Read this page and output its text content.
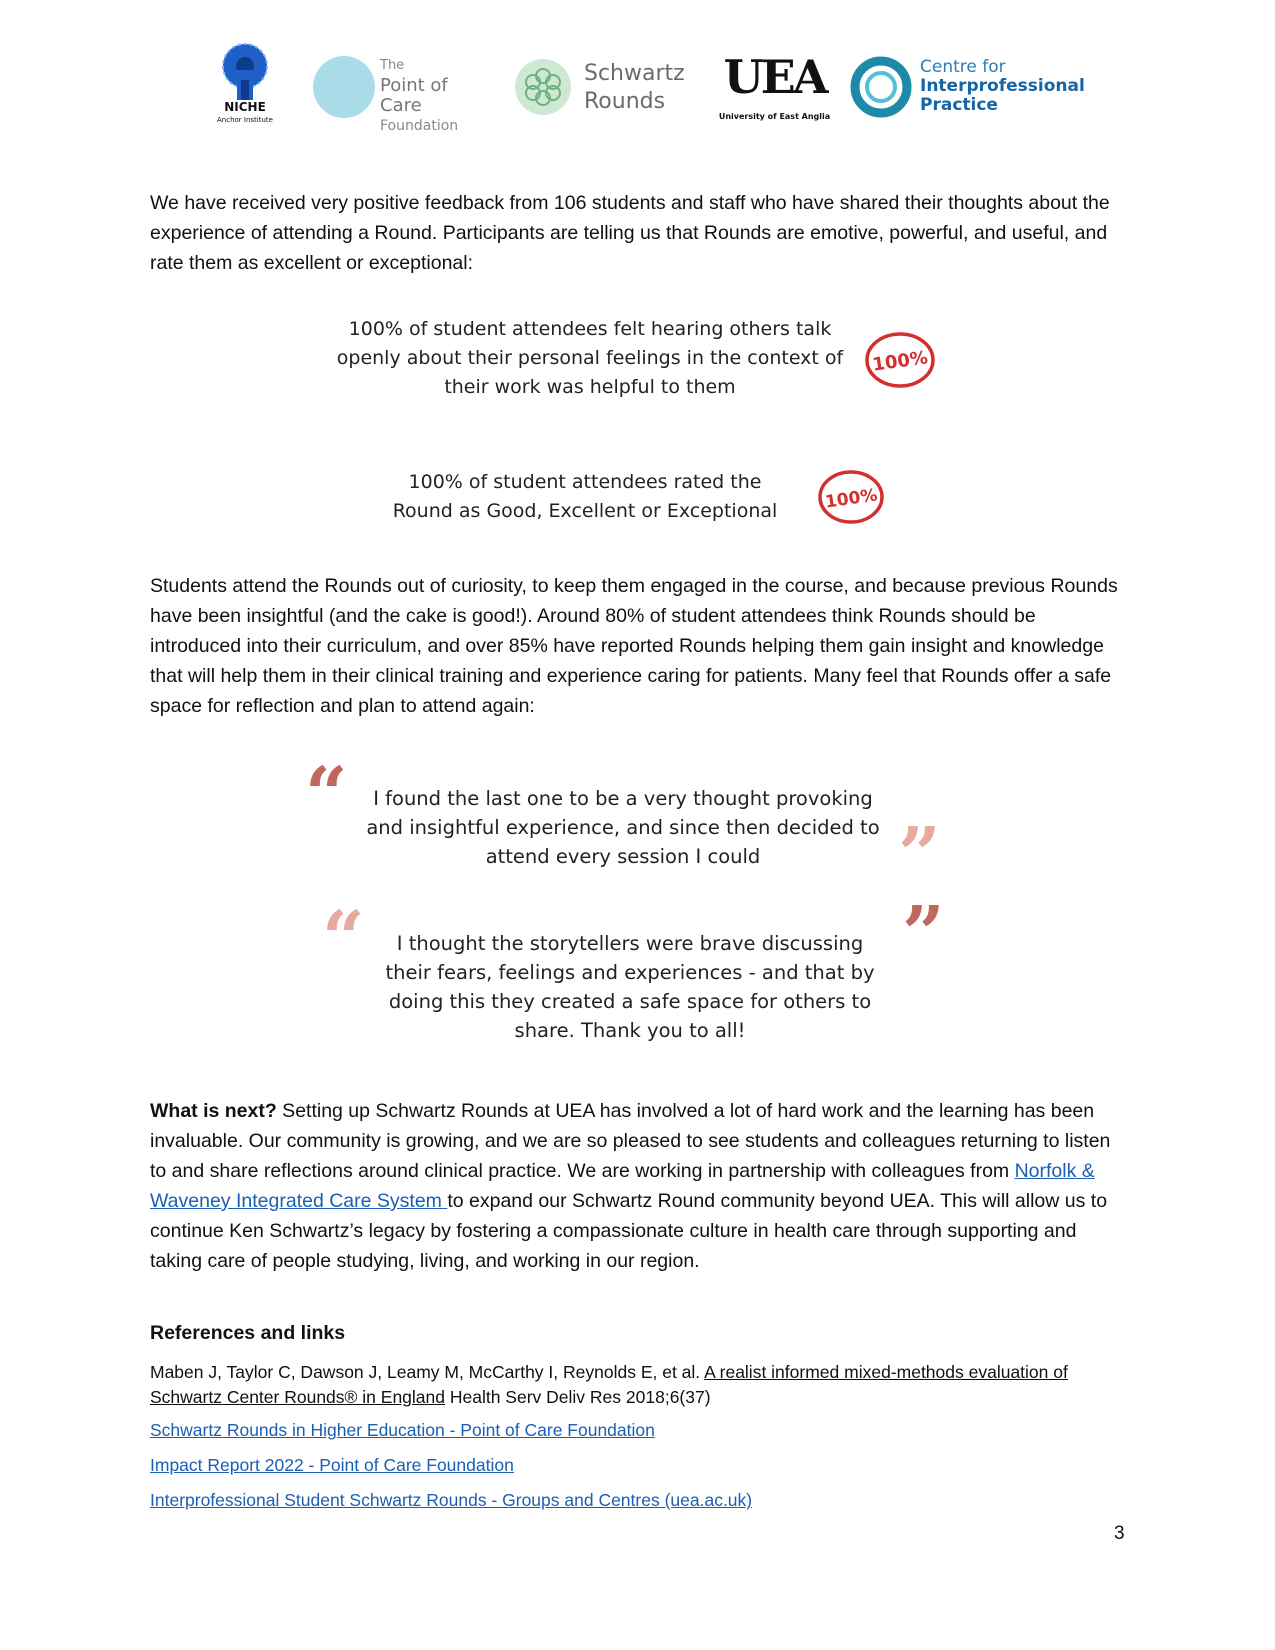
NICHE
Anchor Institute
The
Point of Care
Foundation
Schwartz
Rounds	UEA
University of East Anglia
Centre for
Interprofessional
Practice
We have received very positive feedback from 106 students and staff who have shared their thoughts about the experience of attending a Round. Participants are telling us that Rounds are emotive, powerful, and useful, and rate them as excellent or exceptional:
100% of student attendees felt hearing others talk openly about their personal feelings in the context of their work was helpful to them
100%
100% of student attendees rated the Round as Good, Excellent or Exceptional	100%
Students attend the Rounds out of curiosity, to keep them engaged in the course, and because previous Rounds have been insightful (and the cake is good!). Around 80% of student attendees think Rounds should be introduced into their curriculum, and over 85% have reported Rounds helping them gain insight and knowledge that will help them in their clinical training and experience caring for patients. Many feel that Rounds offer a safe space for reflection and plan to attend again:
“	I found the last one to be a very thought provoking and insightful experience, and since then decided to attend every session I could	”
“	I thought the storytellers were brave discussing their fears, feelings and experiences - and that by doing this they created a safe space for others to share. Thank you to all!
”
What is next? Setting up Schwartz Rounds at UEA has involved a lot of hard work and the learning has been invaluable. Our community is growing, and we are so pleased to see students and colleagues returning to listen to and share reflections around clinical practice. We are working in partnership with colleagues from Norfolk & Waveney Integrated Care System to expand our Schwartz Round community beyond UEA. This will allow us to continue Ken Schwartz’s legacy by fostering a compassionate culture in health care through supporting and taking care of people studying, living, and working in our region.
References and links
Maben J, Taylor C, Dawson J, Leamy M, McCarthy I, Reynolds E, et al. A realist informed mixed-methods evaluation of Schwartz Center Rounds® in England Health Serv Deliv Res 2018;6(37)
Schwartz Rounds in Higher Education - Point of Care Foundation
Impact Report 2022 - Point of Care Foundation
Interprofessional Student Schwartz Rounds - Groups and Centres (uea.ac.uk)
3
